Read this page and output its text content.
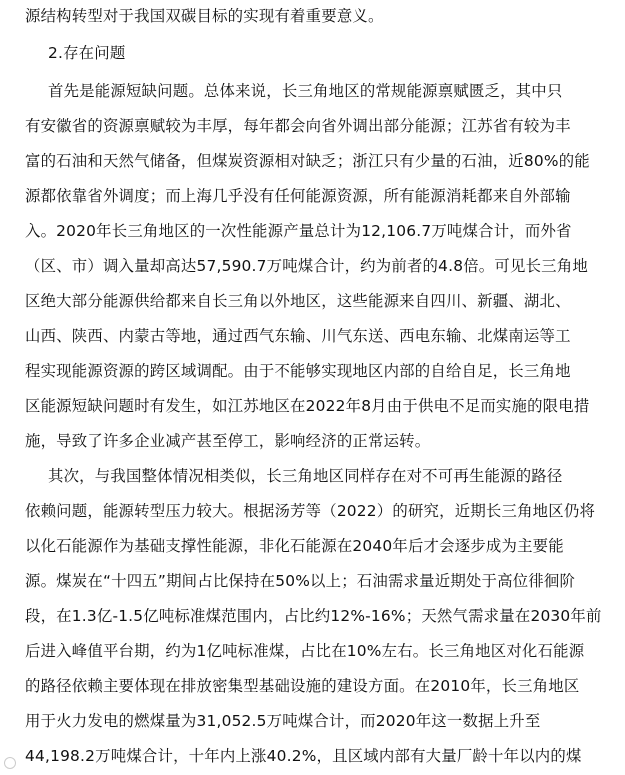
源结构转型对于我国双碳目标的实现有着重要意义。
2.存在问题
首先是能源短缺问题。总体来说，长三角地区的常规能源禀赋匮乏，其中只
有安徽省的资源禀赋较为丰厚，每年都会向省外调出部分能源；江苏省有较为丰
富的石油和天然气储备，但煤炭资源相对缺乏；浙江只有少量的石油，近80%的能
源都依靠省外调度；而上海几乎没有任何能源资源，所有能源消耗都来自外部输
入。2020年长三角地区的一次性能源产量总计为12,106.7万吨煤合计，而外省
（区、市）调入量却高达57,590.7万吨煤合计，约为前者的4.8倍。可见长三角地
区绝大部分能源供给都来自长三角以外地区，这些能源来自四川、新疆、湖北、
山西、陕西、内蒙古等地，通过西气东输、川气东送、西电东输、北煤南运等工
程实现能源资源的跨区域调配。由于不能够实现地区内部的自给自足，长三角地
区能源短缺问题时有发生，如江苏地区在2022年8月由于供电不足而实施的限电措
施，导致了许多企业减产甚至停工，影响经济的正常运转。
其次，与我国整体情况相类似，长三角地区同样存在对不可再生能源的路径
依赖问题，能源转型压力较大。根据汤芳等（2022）的研究，近期长三角地区仍将
以化石能源作为基础支撑性能源，非化石能源在2040年后才会逐步成为主要能
源。煤炭在“十四五”期间占比保持在50%以上；石油需求量近期处于高位徘徊阶
段，在1.3亿-1.5亿吨标准煤范围内，占比约12%-16%；天然气需求量在2030年前
后进入峰值平台期，约为1亿吨标准煤，占比在10%左右。长三角地区对化石能源
的路径依赖主要体现在排放密集型基础设施的建设方面。在2010年，长三角地区
用于火力发电的燃煤量为31,052.5万吨煤合计，而2020年这一数据上升至
44,198.2万吨煤合计，十年内上涨40.2%，且区域内部有大量厂龄十年以内的煤
